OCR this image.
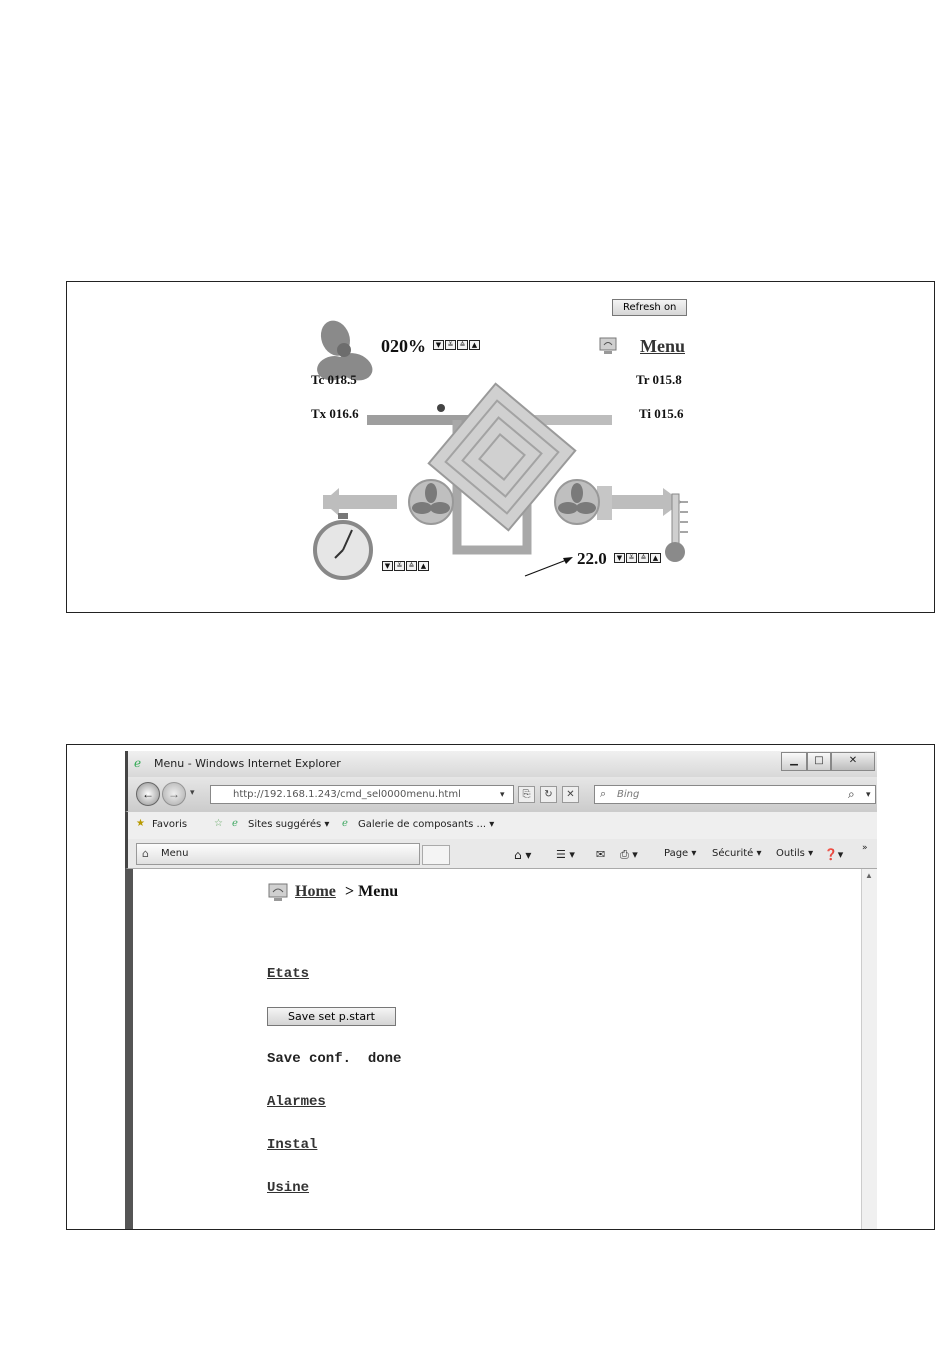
Refresh on
020%	▼ ≚ ≙ ▲	Menu
Tc 018.5
Tx 016.6
Tr 015.8
Ti 015.6
▼ ≚ ≙ ▲	22.0	▼ ≚ ≙ ▲
ℯ Menu - Windows Internet Explorer	▁	□	✕
←	→	▾	http://192.168.1.243/cmd_sel0000menu.html	▾	⎘	↻	✕	Bing
⌕	⌕ ▾
★ Favoris	☆ ℯ Sites suggérés ▾ ℯ Galerie de composants ... ▾
Menu
⌂	⌂ ▾ ☰ ▾ ✉ ⎙ ▾	Page ▾ Sécurité ▾ Outils ▾ ❓▾ »
Home > Menu
Etats
Save set p.start
Save conf.  done
Alarmes
Instal
Usine
▲
